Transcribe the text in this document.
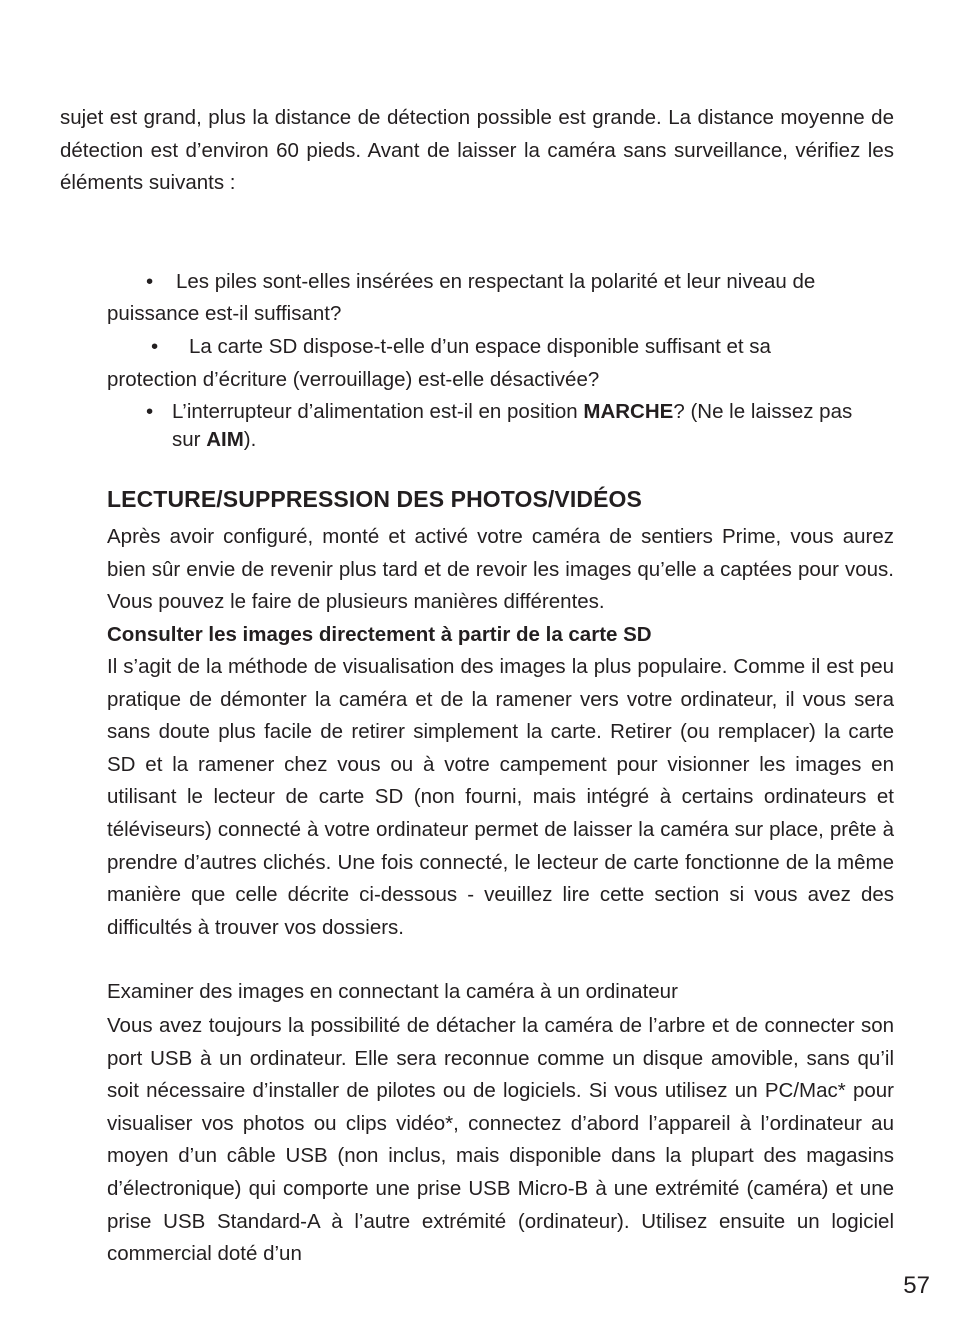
sujet est grand, plus la distance de détection possible est grande. La distance moyenne de détection est d’environ 60 pieds. Avant de laisser la caméra sans surveillance, vérifiez les éléments suivants :

• Les piles sont-elles insérées en respectant la polarité et leur niveau de

puissance est-il suffisant?

• La carte SD dispose-t-elle d’un espace disponible suffisant et sa

protection d’écriture (verrouillage) est-elle désactivée?

• L’interrupteur d’alimentation est-il en position MARCHE? (Ne le laissez pas

sur AIM).

LECTURE/SUPPRESSION DES PHOTOS/VIDÉOS

Après avoir configuré, monté et activé votre caméra de sentiers Prime, vous aurez bien sûr envie de revenir plus tard et de revoir les images qu’elle a captées pour vous. Vous pouvez le faire de plusieurs manières différentes.

Consulter les images directement à partir de la carte SD

Il s’agit de la méthode de visualisation des images la plus populaire. Comme il est peu pratique de démonter la caméra et de la ramener vers votre ordinateur, il vous sera sans doute plus facile de retirer simplement la carte. Retirer (ou remplacer) la carte SD et la ramener chez vous ou à votre campement pour visionner les images en utilisant le lecteur de carte SD (non fourni, mais intégré à certains ordinateurs et téléviseurs) connecté à votre ordinateur permet de laisser la caméra sur place, prête à prendre d’autres clichés. Une fois connecté, le lecteur de carte fonctionne de la même manière que celle décrite ci-dessous - veuillez lire cette section si vous avez des difficultés à trouver vos dossiers.

Examiner des images en connectant la caméra à un ordinateur

Vous avez toujours la possibilité de détacher la caméra de l’arbre et de connecter son port USB à un ordinateur. Elle sera reconnue comme un disque amovible, sans qu’il soit nécessaire d’installer de pilotes ou de logiciels. Si vous utilisez un PC/Mac* pour visualiser vos photos ou clips vidéo*, connectez d’abord l’appareil à l’ordinateur au moyen d’un câble USB (non inclus, mais disponible dans la plupart des magasins d’électronique) qui comporte une prise USB Micro-B à une extrémité (caméra) et une prise USB Standard-A à l’autre extrémité (ordinateur). Utilisez ensuite un logiciel commercial doté d’un

57
